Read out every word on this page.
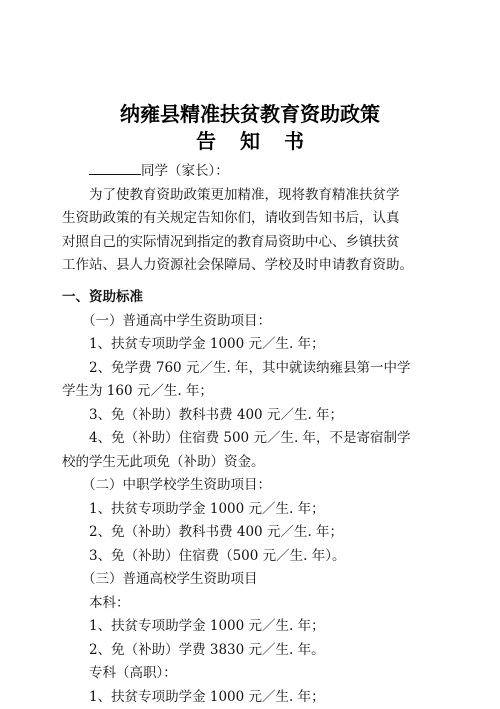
纳雍县精准扶贫教育资助政策
告知书
同学（家长）：
为了使教育资助政策更加精准，现将教育精准扶贫学
生资助政策的有关规定告知你们，请收到告知书后，认真
对照自己的实际情况到指定的教育局资助中心、乡镇扶贫
工作站、县人力资源社会保障局、学校及时申请教育资助。
一、资助标准
（一）普通高中学生资助项目：
1、扶贫专项助学金 1000 元／生. 年；
2、免学费 760 元／生. 年，其中就读纳雍县第一中学
学生为 160 元／生. 年；
3、免（补助）教科书费 400 元／生. 年；
4、免（补助）住宿费 500 元／生. 年，不是寄宿制学
校的学生无此项免（补助）资金。
（二）中职学校学生资助项目：
1、扶贫专项助学金 1000 元／生. 年；
2、免（补助）教科书费 400 元／生. 年；
3、免（补助）住宿费（500 元／生. 年）。
（三）普通高校学生资助项目
本科：
1、扶贫专项助学金 1000 元／生. 年；
2、免（补助）学费 3830 元／生. 年。
专科（高职）：
1、扶贫专项助学金 1000 元／生. 年；
